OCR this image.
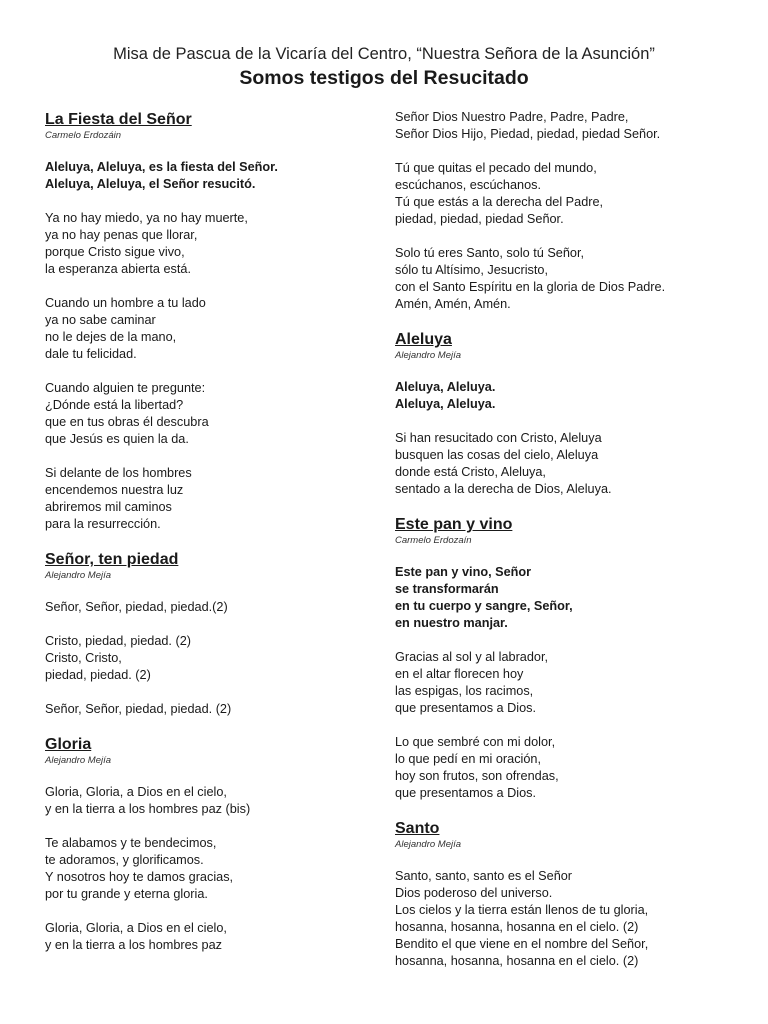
Misa de Pascua de la Vicaría del Centro, “Nuestra Señora de la Asunción”
Somos testigos del Resucitado
La Fiesta del Señor
Carmelo Erdozáin
Aleluya, Aleluya, es la fiesta del Señor.
Aleluya, Aleluya, el Señor resucitó.
Ya no hay miedo, ya no hay muerte,
ya no hay penas que llorar,
porque Cristo sigue vivo,
la esperanza abierta está.
Cuando un hombre a tu lado
ya no sabe caminar
no le dejes de la mano,
dale tu felicidad.
Cuando alguien te pregunte:
¿Dónde está la libertad?
que en tus obras él descubra
que Jesús es quien la da.
Si delante de los hombres
encendemos nuestra luz
abriremos mil caminos
para la resurrección.
Señor, ten piedad
Alejandro Mejía
Señor, Señor, piedad, piedad.(2)
Cristo, piedad, piedad. (2)
Cristo, Cristo,
piedad, piedad. (2)
Señor, Señor, piedad, piedad. (2)
Gloria
Alejandro Mejía
Gloria, Gloria, a Dios en el cielo,
y en la tierra a los hombres paz (bis)
Te alabamos y te bendecimos,
te adoramos, y glorificamos.
Y nosotros hoy te damos gracias,
por tu grande y eterna gloria.
Gloria, Gloria, a Dios en el cielo,
y en la tierra a los hombres paz
Señor Dios Nuestro Padre, Padre, Padre,
Señor Dios Hijo, Piedad, piedad, piedad Señor.
Tú que quitas el pecado del mundo,
escúchanos, escúchanos.
Tú que estás a la derecha del Padre,
piedad, piedad, piedad Señor.
Solo tú eres Santo, solo tú Señor,
sólo tu Altísimo, Jesucristo,
con el Santo Espíritu en la gloria de Dios Padre.
Amén, Amén, Amén.
Aleluya
Alejandro Mejía
Aleluya, Aleluya.
Aleluya, Aleluya.
Si han resucitado con Cristo, Aleluya
busquen las cosas del cielo, Aleluya
donde está Cristo, Aleluya,
sentado a la derecha de Dios, Aleluya.
Este pan y vino
Carmelo Erdozaín
Este pan y vino, Señor
se transformarán
en tu cuerpo y sangre, Señor,
en nuestro manjar.
Gracias al sol y al labrador,
en el altar florecen hoy
las espigas, los racimos,
que presentamos a Dios.
Lo que sembré con mi dolor,
lo que pedí en mi oración,
hoy son frutos, son ofrendas,
que presentamos a Dios.
Santo
Alejandro Mejía
Santo, santo, santo es el Señor
Dios poderoso del universo.
Los cielos y la tierra están llenos de tu gloria,
hosanna, hosanna, hosanna en el cielo. (2)
Bendito el que viene en el nombre del Señor,
hosanna, hosanna, hosanna en el cielo. (2)
